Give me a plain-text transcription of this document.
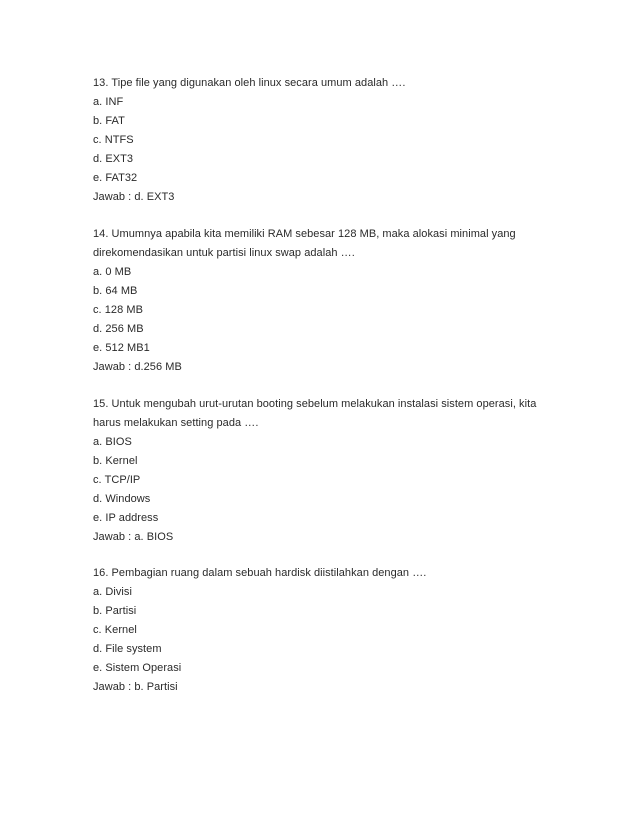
13. Tipe file yang digunakan oleh linux secara umum adalah ….
a. INF
b. FAT
c. NTFS
d. EXT3
e. FAT32
Jawab : d. EXT3
14. Umumnya apabila kita memiliki RAM sebesar 128 MB, maka alokasi minimal yang
direkomendasikan untuk partisi linux swap adalah ….
a. 0 MB
b. 64 MB
c. 128 MB
d. 256 MB
e. 512 MB1
Jawab : d.256 MB
15. Untuk mengubah urut-urutan booting sebelum melakukan instalasi sistem operasi, kita
harus melakukan setting pada ….
a. BIOS
b. Kernel
c. TCP/IP
d. Windows
e. IP address
Jawab : a. BIOS
16. Pembagian ruang dalam sebuah hardisk diistilahkan dengan ….
a. Divisi
b. Partisi
c. Kernel
d. File system
e. Sistem Operasi
Jawab : b. Partisi
